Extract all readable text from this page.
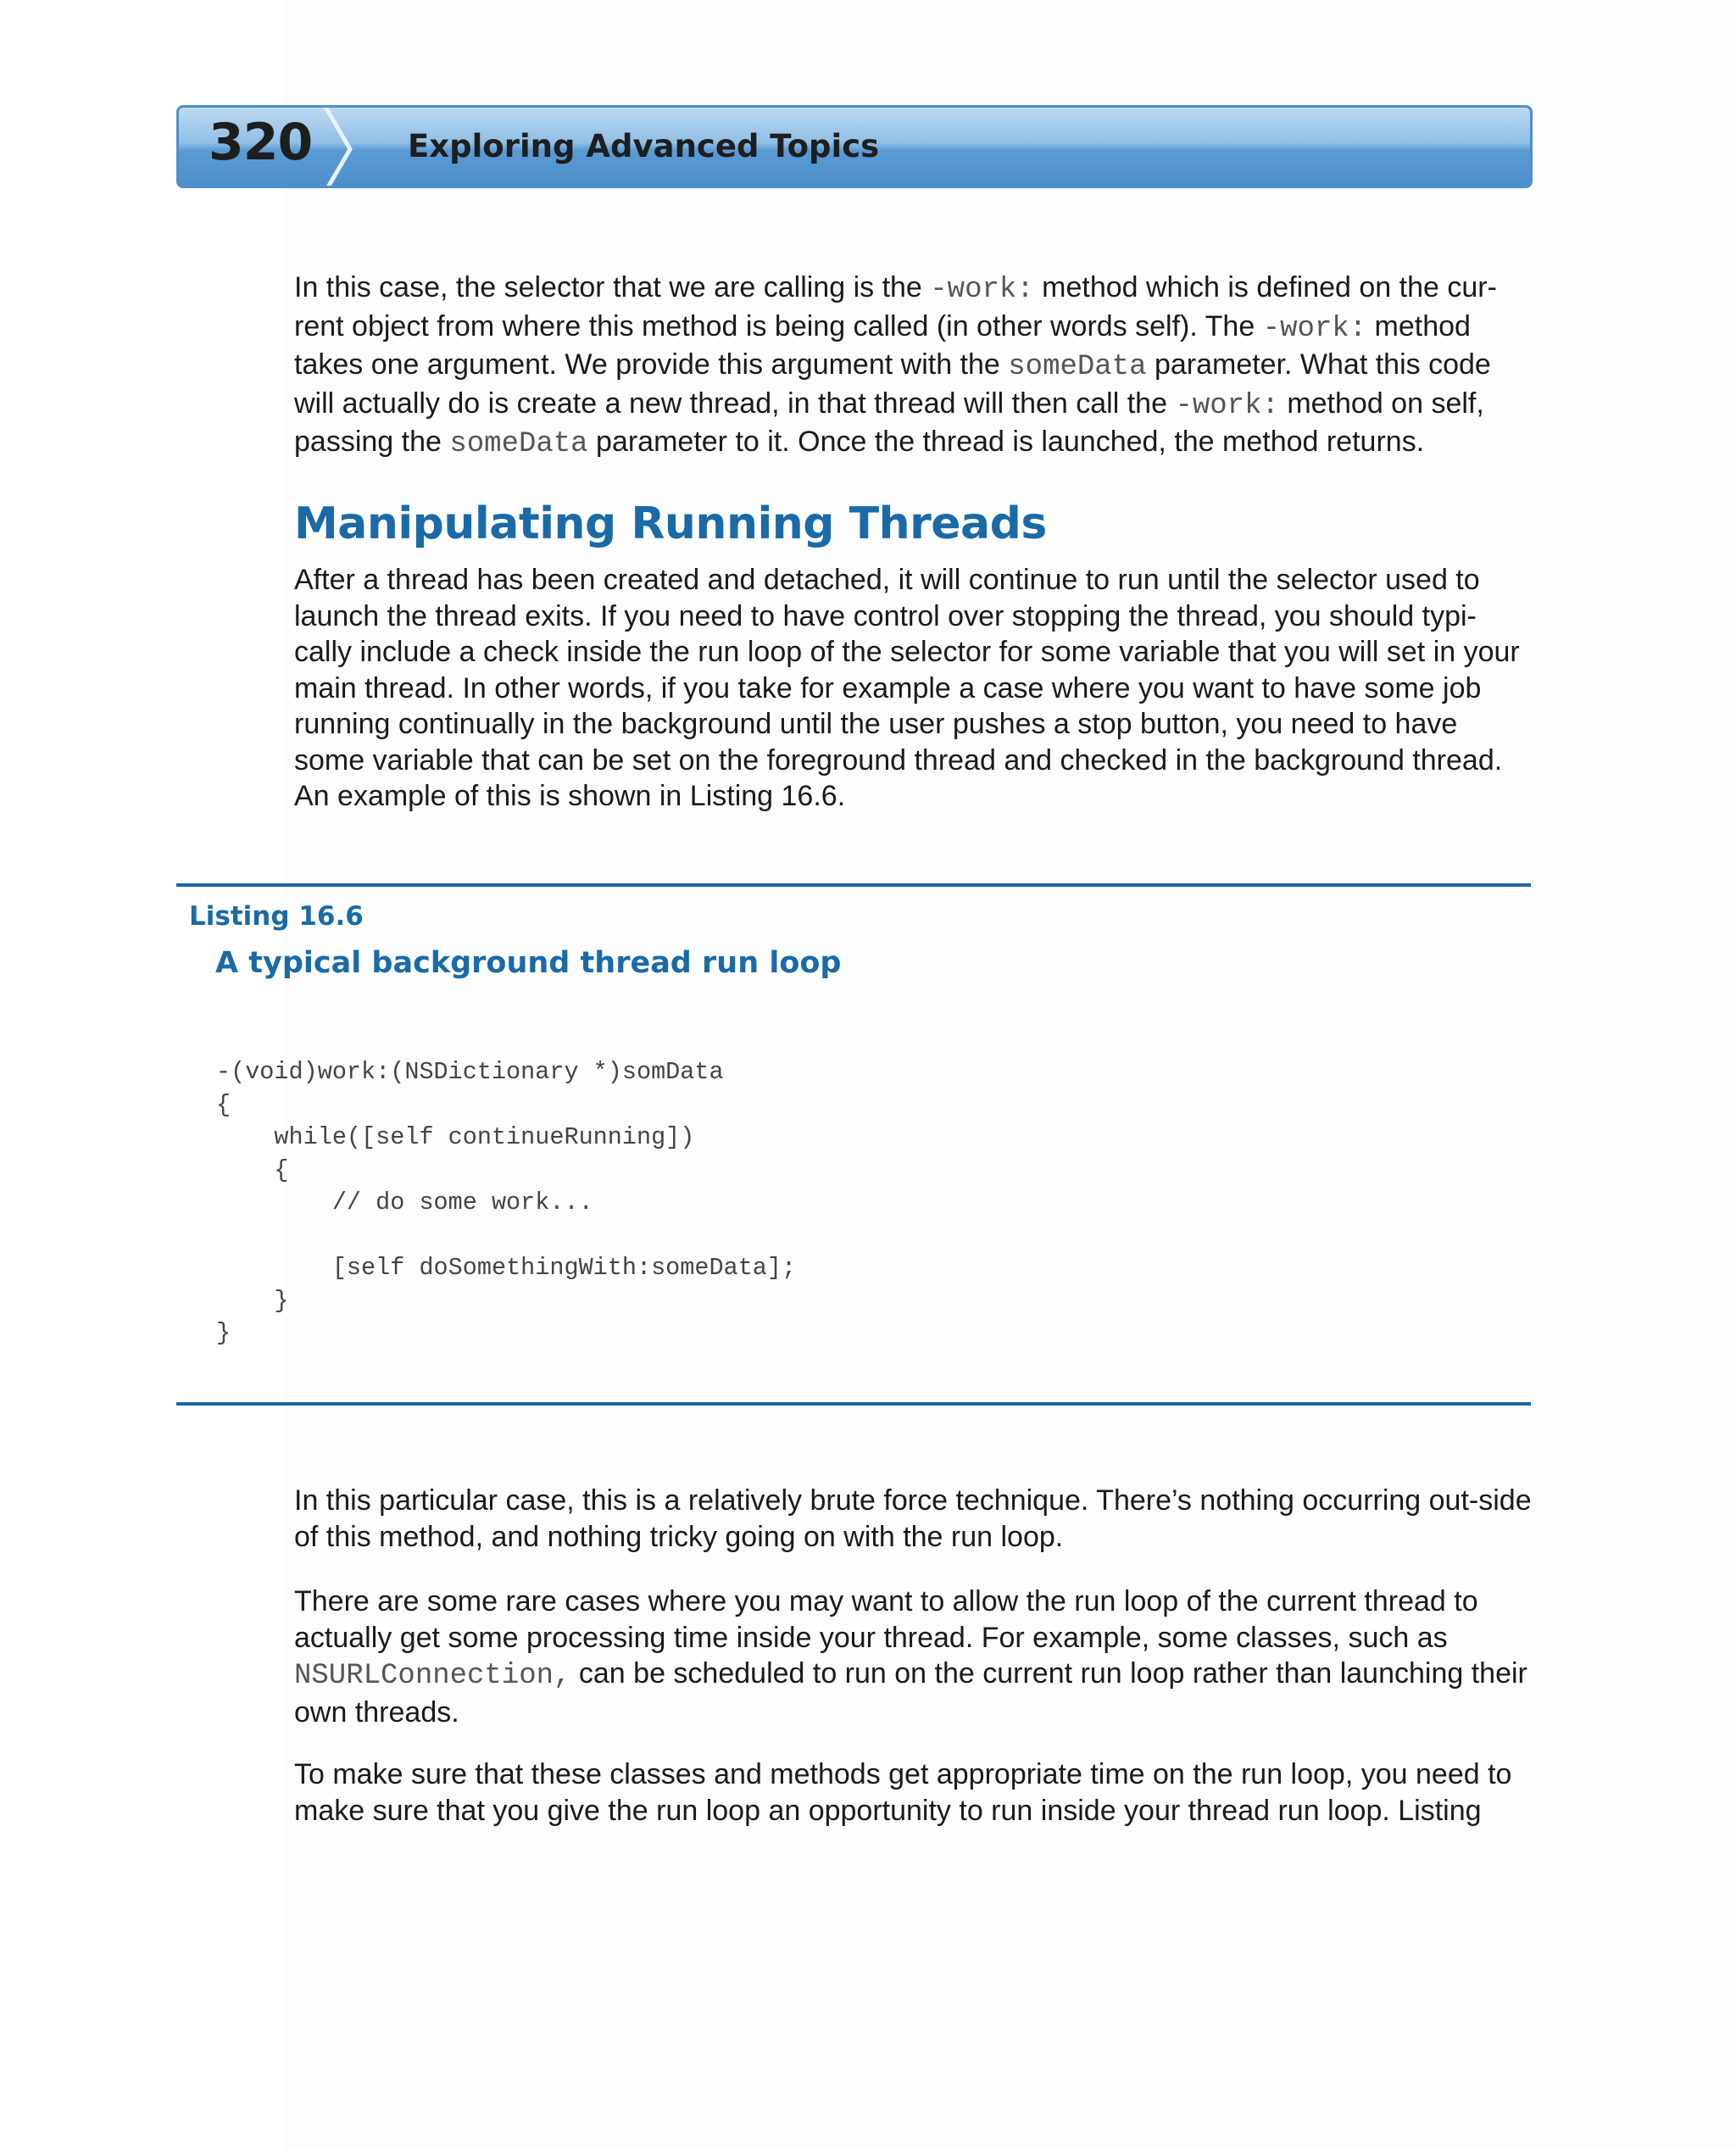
320	Exploring Advanced Topics

In this case, the selector that we are calling is the -work: method which is defined on the cur-rent object from where this method is being called (in other words self). The -work: method takes one argument. We provide this argument with the someData parameter. What this code will actually do is create a new thread, in that thread will then call the -work: method on self, passing the someData parameter to it. Once the thread is launched, the method returns.

Manipulating Running Threads

After a thread has been created and detached, it will continue to run until the selector used to launch the thread exits. If you need to have control over stopping the thread, you should typi-cally include a check inside the run loop of the selector for some variable that you will set in your main thread. In other words, if you take for example a case where you want to have some job running continually in the background until the user pushes a stop button, you need to have some variable that can be set on the foreground thread and checked in the background thread. An example of this is shown in Listing 16.6.

Listing 16.6
A typical background thread run loop
-(void)work:(NSDictionary *)somData
{
while([self continueRunning])
{
// do some work...
[self doSomethingWith:someData];
}
}

In this particular case, this is a relatively brute force technique. There’s nothing occurring out-side of this method, and nothing tricky going on with the run loop.

There are some rare cases where you may want to allow the run loop of the current thread to actually get some processing time inside your thread. For example, some classes, such as NSURLConnection, can be scheduled to run on the current run loop rather than launching their own threads.

To make sure that these classes and methods get appropriate time on the run loop, you need to make sure that you give the run loop an opportunity to run inside your thread run loop. Listing
